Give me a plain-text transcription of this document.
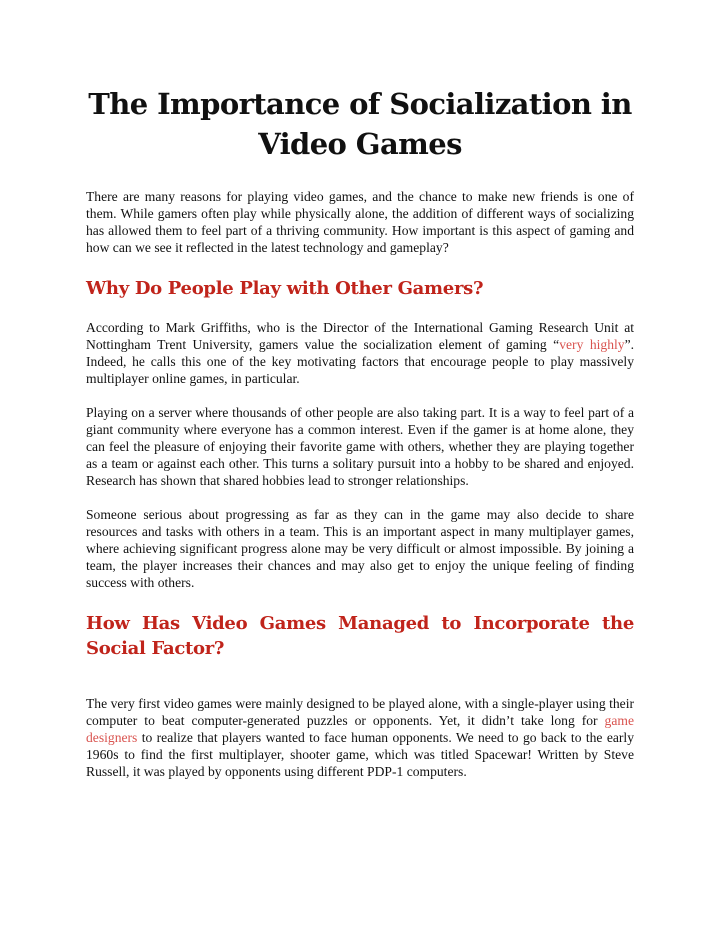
The Importance of Socialization in Video Games

There are many reasons for playing video games, and the chance to make new friends is one of them. While gamers often play while physically alone, the addition of different ways of socializing has allowed them to feel part of a thriving community. How important is this aspect of gaming and how can we see it reflected in the latest technology and gameplay?

Why Do People Play with Other Gamers?

According to Mark Griffiths, who is the Director of the International Gaming Research Unit at Nottingham Trent University, gamers value the socialization element of gaming “very highly”. Indeed, he calls this one of the key motivating factors that encourage people to play massively multiplayer online games, in particular.

Playing on a server where thousands of other people are also taking part. It is a way to feel part of a giant community where everyone has a common interest. Even if the gamer is at home alone, they can feel the pleasure of enjoying their favorite game with others, whether they are playing together as a team or against each other. This turns a solitary pursuit into a hobby to be shared and enjoyed. Research has shown that shared hobbies lead to stronger relationships.

Someone serious about progressing as far as they can in the game may also decide to share resources and tasks with others in a team. This is an important aspect in many multiplayer games, where achieving significant progress alone may be very difficult or almost impossible. By joining a team, the player increases their chances and may also get to enjoy the unique feeling of finding success with others.

How Has Video Games Managed to Incorporate the Social Factor?

The very first video games were mainly designed to be played alone, with a single-player using their computer to beat computer-generated puzzles or opponents. Yet, it didn’t take long for game designers to realize that players wanted to face human opponents. We need to go back to the early 1960s to find the first multiplayer, shooter game, which was titled Spacewar! Written by Steve Russell, it was played by opponents using different PDP-1 computers.
